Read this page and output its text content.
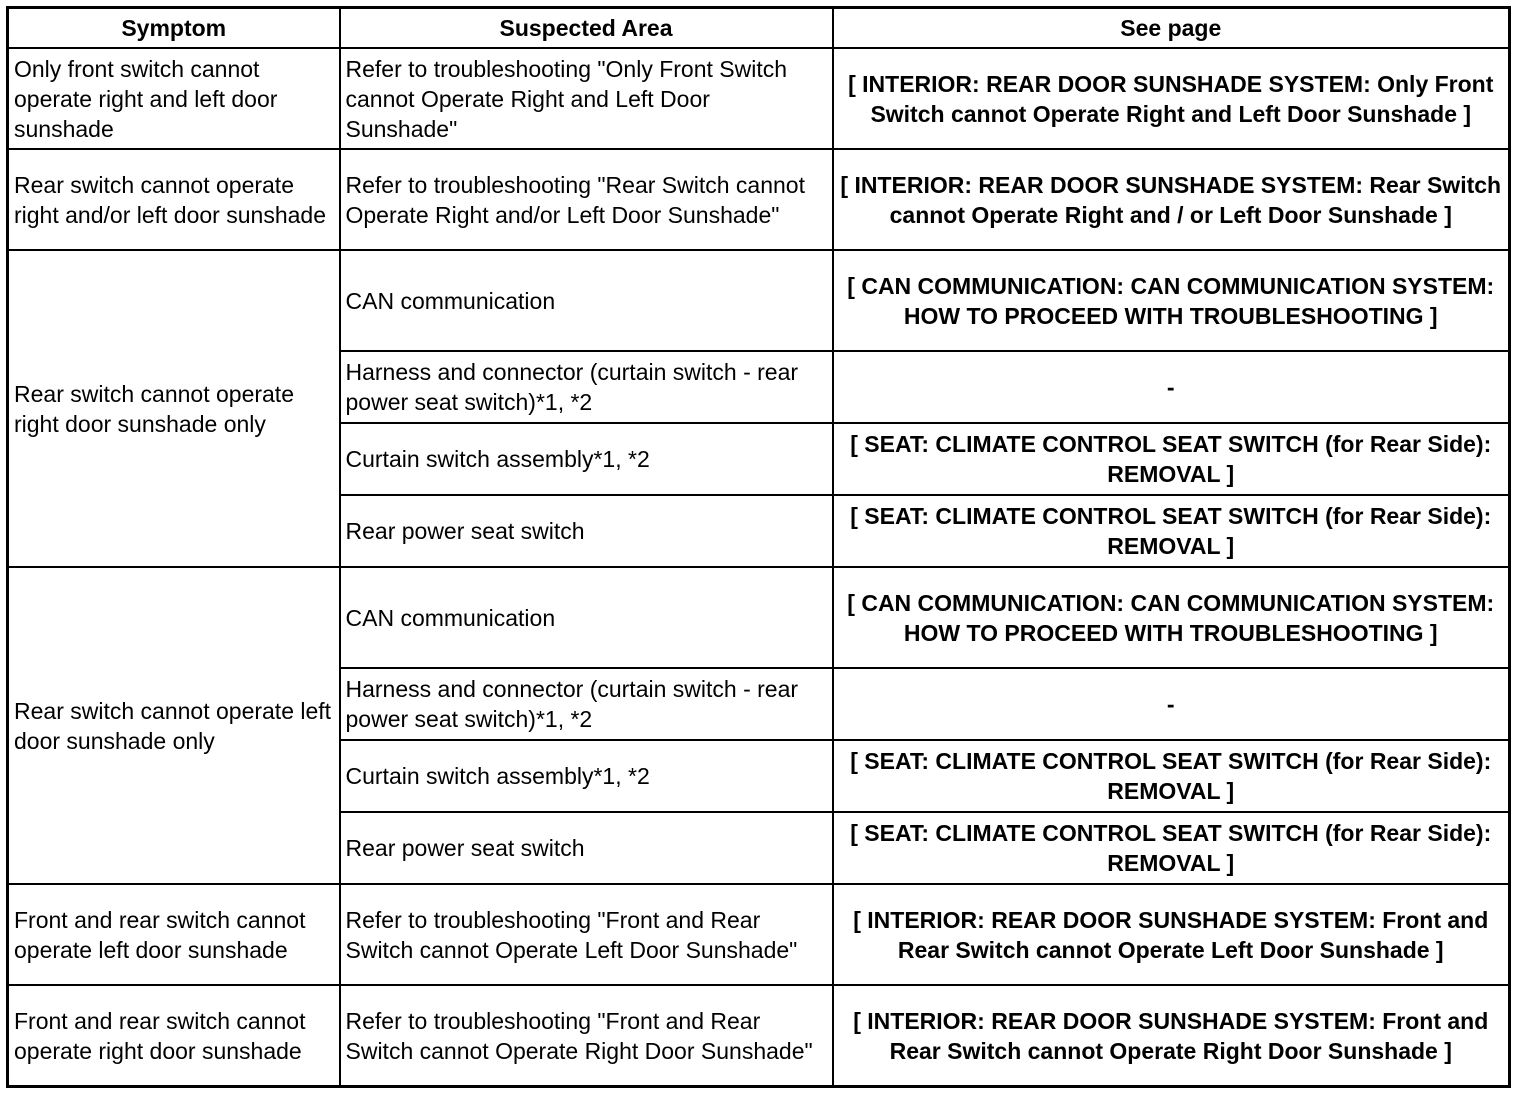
Symptom	Suspected Area	See page
Only front switch cannot operate right and left door sunshade	Refer to troubleshooting "Only Front Switch cannot Operate Right and Left Door Sunshade"	[ INTERIOR: REAR DOOR SUNSHADE SYSTEM: Only Front Switch cannot Operate Right and Left Door Sunshade ]
Rear switch cannot operate right and/or left door sunshade	Refer to troubleshooting "Rear Switch cannot Operate Right and/or Left Door Sunshade"	[ INTERIOR: REAR DOOR SUNSHADE SYSTEM: Rear Switch cannot Operate Right and / or Left Door Sunshade ]
Rear switch cannot operate right door sunshade only	CAN communication	[ CAN COMMUNICATION: CAN COMMUNICATION SYSTEM: HOW TO PROCEED WITH TROUBLESHOOTING ]
	Harness and connector (curtain switch - rear power seat switch)*1, *2	-
	Curtain switch assembly*1, *2	[ SEAT: CLIMATE CONTROL SEAT SWITCH (for Rear Side): REMOVAL ]
	Rear power seat switch	[ SEAT: CLIMATE CONTROL SEAT SWITCH (for Rear Side): REMOVAL ]
Rear switch cannot operate left door sunshade only	CAN communication	[ CAN COMMUNICATION: CAN COMMUNICATION SYSTEM: HOW TO PROCEED WITH TROUBLESHOOTING ]
	Harness and connector (curtain switch - rear power seat switch)*1, *2	-
	Curtain switch assembly*1, *2	[ SEAT: CLIMATE CONTROL SEAT SWITCH (for Rear Side): REMOVAL ]
	Rear power seat switch	[ SEAT: CLIMATE CONTROL SEAT SWITCH (for Rear Side): REMOVAL ]
Front and rear switch cannot operate left door sunshade	Refer to troubleshooting "Front and Rear Switch cannot Operate Left Door Sunshade"	[ INTERIOR: REAR DOOR SUNSHADE SYSTEM: Front and Rear Switch cannot Operate Left Door Sunshade ]
Front and rear switch cannot operate right door sunshade	Refer to troubleshooting "Front and Rear Switch cannot Operate Right Door Sunshade"	[ INTERIOR: REAR DOOR SUNSHADE SYSTEM: Front and Rear Switch cannot Operate Right Door Sunshade ]
